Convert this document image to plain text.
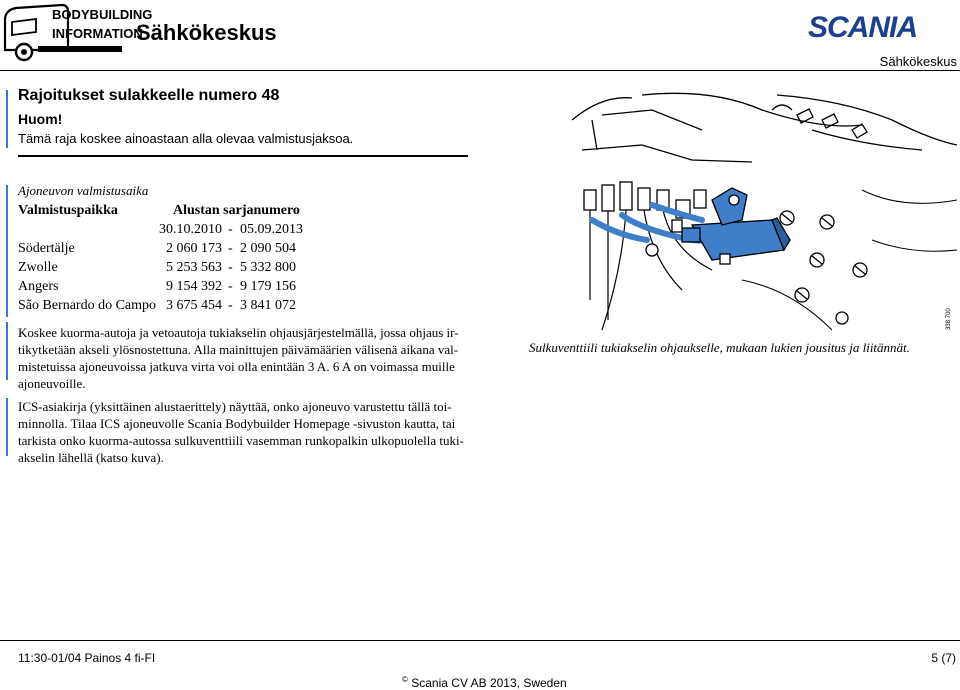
BODYBUILDING
INFORMATION
Sähkökeskus	SCANIA
Sähkökeskus
Rajoitukset sulakkeelle numero 48
Huom!
Tämä raja koskee ainoastaan alla olevaa valmistusjaksoa.
Ajoneuvon valmistusaika
Valmistuspaikka	Alustan sarjanumero
30.10.2010 - 05.09.2013
Södertälje	2 060 173 - 2 090 504
Zwolle	5 253 563 - 5 332 800
Angers	9 154 392 - 9 179 156
São Bernardo do Campo 3 675 454 - 3 841 072

Koskee kuorma-autoja ja vetoautoja tukiakselin ohjausjärjestelmällä, jossa ohjaus ir-

tikytketään akseli ylösnostettuna. Alla mainittujen päivämäärien välisenä aikana val-

mistetuissa ajoneuvoissa jatkuva virta voi olla enintään 3 A. 6 A on voimassa muille

ajoneuvoille.

ICS-asiakirja (yksittäinen alustaerittely) näyttää, onko ajoneuvo varustettu tällä toi-

minnolla. Tilaa ICS ajoneuvolle Scania Bodybuilder Homepage -sivuston kautta, tai

tarkista onko kuorma-autossa sulkuventtiili vasemman runkopalkin ulkopuolella tuki-

akselin lähellä (katso kuva).

338 700
Sulkuventtiili tukiakselin ohjaukselle, mukaan lukien jousitus ja liitännät.
11:30-01/04 Painos 4 fi-FI	5 (7)
© Scania CV AB 2013, Sweden
